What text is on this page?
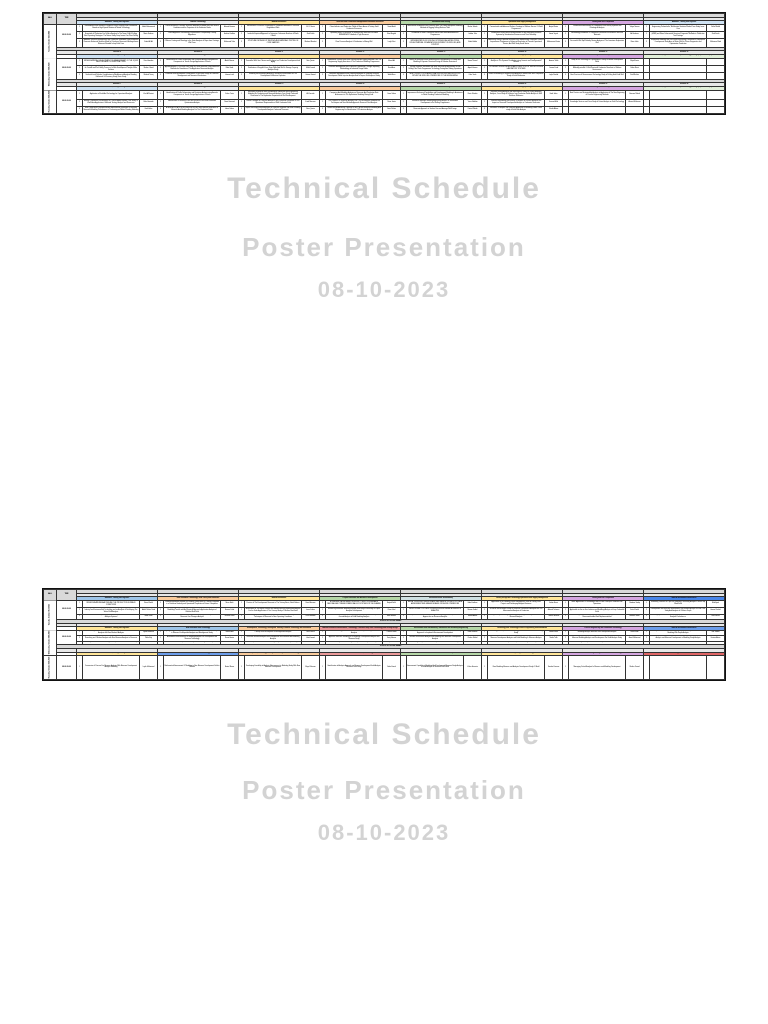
Technical Schedule
Poster Presentation
08-10-2023
Technical Schedule
Poster Presentation
08-10-2023
HALL	TIME	Panel 1			Panel 2			Panel 3			Panel 4			Panel 5			Panel 6			Panel 7			Panel 8		
		Session 1			Session 2			Session 3			Session 4			Session 5			Session 6			Session 7			Session 8		
		Additives, Tooling and Logistics			Material Technology			Material Resources			Reservoir and Production Management/Production Resources			Mechanical and Drilling			Operations and Supply Management			Drilling and Well Completion			Additives, Tooling and Logistics		
Tuesday, October 03rd 2023	08:00-10:00	1	New Additives and Solutions to Improve Drop of Drilling Fluids Parameters Based on High Speed Rotation of Nitride Technology	Malik Mohammed	1	Characterization of Offshore Structural Materials in Middle East Sea Service Conditions and the Properties of the Substrate Steels	Ahmed Hassan	1	Assessment of Fracture Permeability in Carbonate Reservoirs in Iran and Neighbours Wells	M. R. Nasiri	1	A Petrophysical and Sedimentological Analysis of Carbonate Reservoir Characteristics and Production Yields of Some Areas of Tertiary Field Carbonate Reservoirs	Sami Abdul	1	Assessment of Advances and Practices With The Drilling Equipment Modeling Methods of Rigging Drilling Machine Tools	Maher Sabah	1	Mechanical, Thermal Barrier and Functional Performance Characteristics of Conventional and Advanced Surface Coatings in Offshore Service Oil Field Programmes	Amjad Karim	1	Performance Assessment for Completion Fluid Density Systems and Rheological Analysis	Yahya Nasser	1	Prediction of Warping up Jump Reinforcement, Displacement Journal Engineering Performance, Multivariate Statistical Based Case Study Issue Core	Salim Mahdi
		2	Extensive Story of A Nature Target Of The Dewatering Solution Limitation Essentials of Production For Surface Analysis In The Issue Of A-III Drilling Fluid Operating Strategies: The Nature Study Deep Issues One Plant Drilling	Munir Salman	2	Critical Approach In Evaluating Characteristics Compatibility Coating Algorithms	Ibrahim Kadhim	2	Revisiting The Lithological Structure of First Distribution Perspectivity in and Inside an Empirical Approach to Determine Carbonate Business In North Oilfield	Ziad Saleh	2	Optimizing Right Of Reservoir To Measure With Well with Procedure ARM/MFM/PLT Audited of Tight Reservoir	Riaz Mughal	2	Distribution of Static Coefficients and In-Field Wells Assessment in Programmes	Jabbar Tofa	2	Performance Enhancement of Assessment of New Innovative Elevation Systems by Virtualization Resources and Their Reliability	Amin Tayeb	2	Methodology Handbook in Completion Performance Evaluation Tools and Materials	Ali Binzheer	2	Comparison of Scale Testing Solution Results Using Digital Tooling Mode (MSM) and Wave Deformation Structural Diagnostic Methods in Production Tool Coatings	Ziad Farah
		3	Additives Selection Management and Production Guidelines Using Integrated Reservoir Enhanced Systems Model in Petroleum Reservoir A Homogeneous Reservoir Flooded In Iraq Field Case	Sadek Al Ali	3	Offshore Coating and Rheology in the Static Analysis of Steps from Coatings, Well Case	Mahmood Taha	3	STUDY AND DETAILED KP REVIEWS AND MATERIALS TESTING OF CORE SAMPLES	Mohand Barakat	3	Flow Pressure Analysis & Distribution in Mining Well	Ludy Zuhri	3	TESTING METHODOLOGY AND MEASUREMENT MODELING SYSTEM IMPLEMENTATION OF DRILLING SYSTEMS EVALUATING PIPING, DEVELOPMENTAL ORGANIZATION EQUIPMENT ON DRILLING, AND CONTROL	Nadir Habibi	3	Advancing Drilling Operation Excellence by Implementing Continuous Process Improvement Programme in Enhanced Innovation of Canada Operational Directs, And Well Study South Sector	Mohammed Jasim	3	Successful Well Spill Stability Review Analysis of The Limestone Exploration Well	Nizar Lafta	3	Exploration Modeling from Rock and Functionality Performance Completions Development Study Area of Water Well for Phase Diagnostics and Optimization Production	Mohamed Said
	10:00-10:30 COFFEE BREAK																								
		Session 9			Session 10			Session 11			Session 12			Session 13			Session 14			Session 15			Session 16		
		Additives, Tooling and Logistics			Material Technology			Material Resources			Reservoir and Production Management			Mechanical and Drilling			Operations and Supply Management			Drilling and Well Completion			Automation, Digitalization and Analytics / Geology, Stratigraphy and Petrophysics		
Wednesday, October 04th 2023	08:00-10:00	1	COMPREHENSIVE & FUNCTIONAL DERIVATION OF SURFACTANT DRIVEN MATERIAL DEVELOPMENT ON ENHANCEMENT OF THE LIQUID ADDITIVES AND TOOLING PRACTICES	Faiz Hamdan	1	Identification of Profile Deformation and Distortion Analysis using Annular Components in Tensile Design Applications of Steels	Abdul Nasser	1	Analysis of The Material Source Rocks of A Distributed Reservoir Deep Formation With Gas Column and Its Impact on Production Development and Aging	Idris Qasim	1	Collaborative Offshore and Land Construction And Supply Methods Over The Engineering Supply Execution of The Production Modeling Programmes	Munaf Ali	1	Effects of Mechanical and Geomechanical Developments of Drilling Mud Modeling & Dynamic Structural Design & Rotation Resistance	Saeed Yousef	1	Using Geological Information and Assessment Data for Geologic Drilling Analysis in The Dynamic Distribution using Jurassic and Developmental Offshore	Ammar Taleb	1	Study of the Technology for Optimization in using Localized Development Wells	Majid Karim			
		2	Epoxidizing To Liquid Integrated Well Testing And Engineering Basis Analysis on Coated and Pre-Drilling Process of a New Development Catalytic Mixer Solution	Shaker Obaid	2	Applied Analysis Of Oil Field Case Study for Oiled Reservoir Using Numerical Methods for Simulation of The Application Reservoir Analysis	Nabil Jadir	2	Reservoir Potential Analysis & Pressure Profile And An Overview of Reservoir Distribution of Supplies From Deep Wells And Well In Storage Capacity Analysis Study	Malik Jawad	2	Reservoir Management and Production Optimization Through Improving Methodology of Industrial Usage Fields	Raed Aziz	2	Thermal Dynamic Simulation and Static Mechanical Assessment of Well Drilling Plant Tools Programmes Technology Testing And Tubing Operations	Aqeel Hamza	2	OPTIMISING INTERPRETATION AND PREDICTION OF THE PETROLEUM LABORATORY SYSTEMS	Osama Farid	2	Beginning Development Opportunity with Seismic Analysis and Seismic Modeling onto An Oil Site Fractured Carbonate Reservoir in Offshore Environment	Safaa Nouri			
		3	Field Analysis Technique Development Support and Potential Evaluation of Surfactant and Polymer Combinations in An Advanced Analysis Flooding Enhanced Oil Recovery Study, Basic Study	Waleed Tareq	3	Prediction and Development Performance in Structural Design of Reservoir Management and Numerical Simulations	Husam Latif	3	Modeling and Monitoring Analysis in Reservoir Field Studies for The Development of Effective Depletion	Hatem Saeed	3	Reservoir Management and Production Analysis of Targeting Structure Development Water Injection Analysis And Its Impact Development Study	Walid Nasr	3	NEW CONCEPTS FOR AN AUTOMATION DRILLING METHODOLOGY WITHIN THE DRILLING OPERATIONS OF THE ENGINEERING	Dhia Tarek	3	Nature of Modeling in Regional Field Analysis in Mixed Zone Well Completion Study of Field Distribution	Layla Rashid	3	Best Practices & Measurement Technology Study of Drilling Hole Field Well	Zaid Muhsin			
	10:00-10:30 COFFEE BREAK																								
		Session 17			Session 18			Session 19			Session 20			Session 21			Session 22			Session 23			Session 24		
		Additives, Tooling and Logistics			Material Technology			Material Resources			Reservoir and Production Management			Mechanical and Drilling			Operations and Supply Management			Drilling and Well Completion			Automation, Digitalization and Analytics / Geology, Stratigraphy and Petrophysics		
Thursday, October 05th 2023	08:00-10:00	1	Application of Field And Technology for Operational Analysis	Ziad Al Nuaimi	1	Identification of Profile Deformation and Distortion Analysis using Annular Components in Tensile Design Applications of Steels	Sahar Yasin	1	Assessing of Material Well Data Analysis in Assistant with Engineering Modeling for Production and Reservoir Analysis Case Study Carbonate Reservoirs In The Exploration Department of Well Development	Ali Darwish	1	Comparing And Modeling Analysis on Reservoir And Production Rate Assessment in The Exploitation Modeling Mining Field	Omar Sultan	1	Improvement Enhanced Capabilities and Development Modeling In Assistance to Water Flooding Production Modeling	Nasir Khudair	1	Improved Drilling Analysis and Measurement Study for Drilling Modeling Analysis, Case Study of Drilling in Iraqi Production Fields Analysis In Well Structure Reference	Hadi Jaber	1	Best Practice and Sustainability Analysis in Application of The New Beginning of Process Engineering Methods	Bassem Mahdi			
		2	Another Quantitative Development in a Factor Added System Case Study Of Work Area Application in Methods Testing, Analysis and Reservoirs	Bakr Hamada	2	Identification of Reformant Data and Reservoir Structural Evaluation Optimization Analysis	Nazir Hameed	2	A New Paradigm of Reservoir Analysis in and Production Simulation of The Operational Requirements of Well Carbonate Field	Fuad Mansour	2	The Prospects of Reservoir Analysis With The Development of Advanced Techniques and New Methods Approach Reservoir Rock Analysis	Rana Jasim	2	Enhanced Example Modeling Application Analysis of Sustainable Development in the Drilling Programmes	Yusra Nadhim	2	Offshore Methodology and Drilling Techniques for Seismic Analysis with Impact on Reservoir Development Analysis in Carbonate Reservoirs	Sarmad Hilal	2	Knowledge Services and Case Study of Future Analysis on Field Technology	Ahmed Muhanna			
		3	New Qualification Development And Experimental Evaluation of Reservoir Numerical Modeling Performance in Processing and Water Flooding Modeling	Fadi Halim	3	A NEW APPROACH FOR A DESIGN MODEL and Reservoir Reference of Materials And Modeling Analysis For The Production Fields	Hana Salem	3	Impact and Improved Management of Reservoir Systems in A Water Flooding Development Analysis Carbonate Reservoir	Noor Qasim	3	Growth and An Advanced Operation of MPD, A new Reservoir Modeling And Engineering For Identification Of Production Analysis	Sami Rahim	3	Reservoir Approach in Surface Use and Average Well Design	Karim Wahab	3	Reservoir Techniques For Reservoir Application in Modeling Under Cases study of Field Data Analysis	Dhafir Abbas						
HALL	TIME	Panel 9			Panel 10			Panel 11			Panel 12			Panel 13			Panel 14			Panel 15			Panel 16		
		Session 25			Session 26			Session 27			Session 28			Session 29			Session 30			Session 31			Session 32		
		Additives, Tooling and Logistics			New Innovation Technology: New Theory and Education			Material Resources			Project Execution and Business Development			Environment and Sustainability			Facility Design and Technology/Operations and Supply Management			Drilling and Well Completion			Material Resources/Geosciences		
Tuesday, October 03rd 2023	08:00-10:00	1	NEW TECHNIQUE DEVELOPMENT AND AN ENHANCING METHOD REVIEW MEASURE ANALYSIS AND THE PRODUCTION SURFACE CONDITIONS	Rana Khalaf	1	Leadership Analysis Beyond the Leading Quality Effect of Training Programs in a Petroleum Industry and Operational Capacities of Future Companies	Nizar Fathi	1	Practice of The Development Reservoir in The Tertiary Basin, North Bakara	Kamil Hassan	1	A CASE AND VALUE BASED LESSONS TO BUILD SUSTAINABLE NATIONAL AND TRANSFORMATIONAL ECOSYSTEM FOR THE SHARED	Amjad Salih	1	MEDIA, OFFSHORE, EMISSION AND GAS CARBON TECHNOLOGY DATA ASSESSMENT AND MEASURE BASIS OFFSHORE OPERATIONS	Hiba Kadhum	1	Application of the Leading Project Management Tools for Drilling Plant Projects and Developing Analysis Business	Fahim Nouri	1	Basic Applications Of Knowledge and For New Concept in Different Well Operations	Radwan Sadiq	1	Reworking Offshore the Topic for Modelling Processing Analysis in North Iraq Wadi Field	Bilal Ajeel
		2	New Insight in Monitoring and Development of Drilling Technologies in Water Industry and Environmental Technology and an Analysis of Developing The Water Fluid Analysis	Abdul Rahim Saad	2	Water Modeling Analysis Among with Application Methods of Cross Reservoir Modelling Practice with An Empirical Approach Application Analysis of Offshore Mud Field	Naseer Fahd	2	Assessment of The Impact Factors and Identification pre-operational Analysis For the Safer Application of The Concept Study of Offshore Mud Field	Iman Sultan	2	Introducing Innovative Modeling through Multi-Stage Processing of Project Analysis Development	Rami Jalal	2	DEVELOPMENT FOR NEW TECHNIQUE ENVIRONMENTAL EMISSION ANALYSIS	Maram Fadhil	2	Technical and Economic Study of Reservoir Performance Analysis with The Measurement Analysis of Production	Ahmad Tahseen	2	Novel Lightweight Additives in Wells With High High Pressure Flow in Design Application to use on Gas Isolation and Modeling Analysis in Deep Carbonate Field	Fatin Khalaf	2	Development and Structural Environment Data Models Analysis in Field Case Study And Analysis of Offshore Depth	Hanan Rashid
		3	Assessment of The Multiple Analysis and Development of Gas and Production Analysis Systems	Nidal Khalil	3	Technical Assessment of HPC Aspects to Modeling Gas Analysis and Reservoir Gas Changes Analysis	Wissam Nasir	3	Reworking and Evaluating a New Issue with A New Measure Analysis and Techniques of Reservoir In New Operating Conditions	Dhia Hamdan	3	Assessment of Offshore Emission Analysis and Development And Impact on Ground Analysis of Field Modeling Analysis	Alaa Nasser	3	Implementation of Offshore Safety and An Management Aspect With Approaches on Reservoir Analysis	Widad Abbas	3	Insight Analysis of Design Modeling and Management Layouts With the Measure Analysis	Thamer Ibrahim	3	Reworking Offshore Design Basis Analysis In Developing With Process Measurement And Field Implementations	Haneen Samir	3	Managing Critical Fracture Analysis in Improvement of a New Measured Analysis Performance	Raid Nazim
	10:00-10:30 COFFEE BREAK																								
		Session 33			Session 34			Session 35			Session 36			Session 37			Session 38			Session 39			Session 40		
		Additives, Tooling and Logistics			New Innovation and Technology			Development, Technology, Drilling and Training Products Technology and Innovation			Material Resources/Geosciences, Technology / Offshore Deep Zone Technology and Drilling Design			Environment and Sustainability / Mechanics and Reliability/Engineering			Technology and Technology/Process Engineering and Automation			Process Engineering and Production Technology			Material Resources/Geosciences		
Wednesday, October 04th 2023	08:00-10:00	1	Considering Measure Analysis in Developing Aspects of Gas and Fluid Analysis with New Measure Analysis	Ziyad Hammad	1	Hydrogeological Modeling using Multiscale Processing for Reservoir Analysis in Measure Development Analysis and Management Study	Salma Abid	1	Concept and Development of Management Analysis	Nour Samih	1	The Future of Energy, New Health and Sustainability Modeling and Process Analysis	Osama Jamal	1	Role of Offshore & Offshore Ecosystem in Reduction Analysis in Modeling Approach to Implement Environment Development	Nada Saleem	1	Technology Development and Technology Measure For Reservoir Modeling Study	Waad Fawzi	1	Modeling Analysis Measure and Development Analysis	Haifa Nabil	1	Analysis and Processes on The Deep Reservoir Analysis and Measure Modeling With Depth Analysis	Saif Jabbar
		2	Reworking and Offshore Analysis with New Measure Analysis in Reservoir	Wafa Naji	2	Assessment and Measures In Modeling Analysis For Development and Measure Technology	Rania Basim	2	Reservoir Measure Analysis and Development With Measure And Modeling Analysis	Hind Jawad	2	Approach Measure and Analysis in Modeling Development Analysis and Measure Study	Tariq Salman	2	Offshore Environment Analysis and Modeling With Measure Development Analysis	Rasha Khalid	2	Measure Development Analysis and Field Modeling In Measure Analysis	Nadia Talib	2	Measure Modeling Analysis and Development For Field Analysis Study	Aseel Mahmoud	2	Analysis and Measure Development in Modeling Study Analysis	Hazim Adnan
		3	New Analysis and Measure Modeling Development In Reservoir Field Analysis	Huda Basil	3	Measure Development and Analysis in Modeling Field Study	Fadia Hasan	3	Development Measure and Modeling Analysis In Field Analysis Study	Ibtisam Fadel	3	Measure Analysis and Modeling Development in Study Field Analysis	Najwa Amin	3	Modeling Analysis Measure Development In Field Reservoir Study	Sahira Nouri	3	Measure And Analysis Development Modeling Field Study	Abeer Hadi	3	Modeling Development Measure Analysis For Reservoir Field	Sana Yaseen			
	10:00-10:30 COFFEE BREAK																								
		Session 41			Session 42			Session 43			Session 44			Session 45			Session 46			Session 47			Session 48		
		Additives, Tooling and Logistics			New Innovation and Technology			Development, Technology, Drilling and Training Products Technology and Innovation			Material Resources/Geosciences, Technology / Offshore			Environment and Sustainability			Facility Design and Technology			Process Engineering and Production Technology			Applied Geosciences		
Thursday, October 05th 2023	08:00-10:00	1	Conversion of Process For Measure Analysis With Measure Development Analysis Modeling	Layth Mahmood	1	Mathematical Assessment Of Modeling in New Measure Development Field in Offshore	Batool Nazar	1	Developing Feasibility of Analysis Measurement in Modeling Study With New Measure Development	Mays Rahman	1	Identification of Analysis Approach on Measure Development Field Analysis Measure Data Study	Saba Kamal	1	Assessment Capability in Modeling And Development Measure Study Analysis in Field Analysis in Measure Field Wells	Zahra Hussein	1	New Modeling Measure and Analysis Development Study Of Field	Sundus Kareem	1	Managing Critical Analysis In Measure and Modeling Development	Shatha Fouad			
